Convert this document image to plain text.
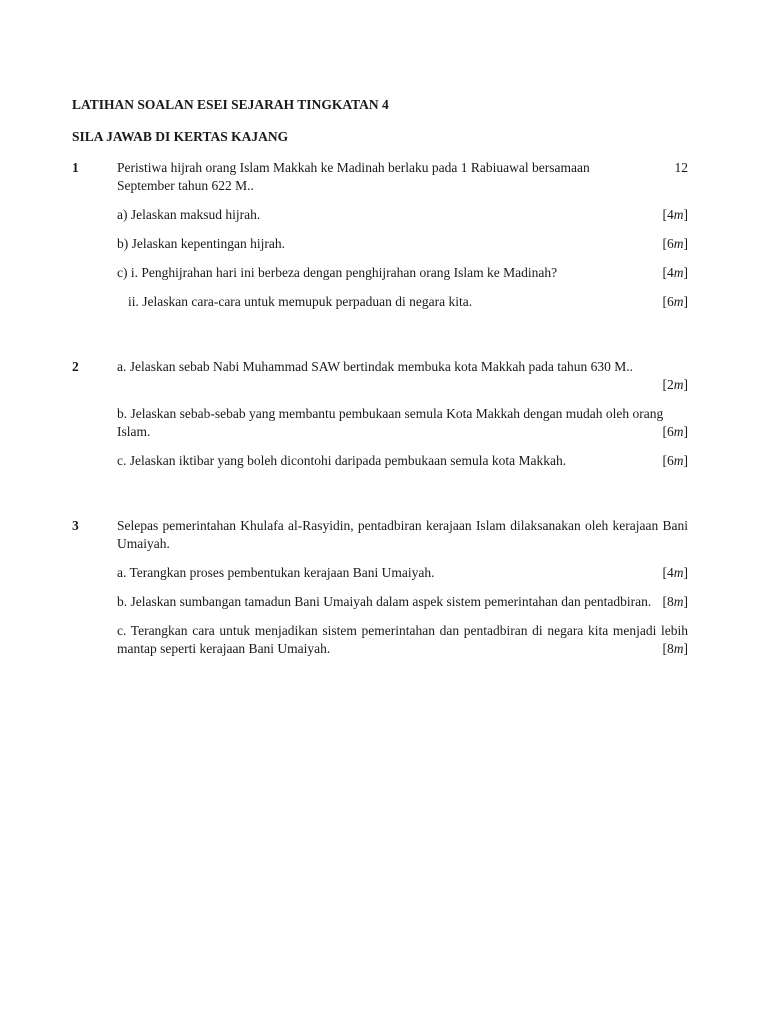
LATIHAN SOALAN ESEI SEJARAH TINGKATAN 4

SILA JAWAB DI KERTAS KAJANG

1	Peristiwa hijrah orang Islam Makkah ke Madinah berlaku pada 1 Rabiuawal bersamaan	12
September tahun 622 M..
a) Jelaskan maksud hijrah.	[4m]
b) Jelaskan kepentingan hijrah.	[6m]
c) i. Penghijrahan hari ini berbeza dengan penghijrahan orang Islam ke Madinah?	[4m]
ii. Jelaskan cara-cara untuk memupuk perpaduan di negara kita.	[6m]
2	a. Jelaskan sebab Nabi Muhammad SAW bertindak membuka kota Makkah pada tahun 630 M..
[2m]
b. Jelaskan sebab-sebab yang membantu pembukaan semula Kota Makkah dengan mudah oleh orang Islam.	[6m]
c. Jelaskan iktibar yang boleh dicontohi daripada pembukaan semula kota Makkah.	[6m]
3	Selepas pemerintahan Khulafa al-Rasyidin, pentadbiran kerajaan Islam dilaksanakan oleh kerajaan Bani Umaiyah.
a. Terangkan proses pembentukan kerajaan Bani Umaiyah.	[4m]
b. Jelaskan sumbangan tamadun Bani Umaiyah dalam aspek sistem pemerintahan dan pentadbiran. [8m]
c. Terangkan cara untuk menjadikan sistem pemerintahan dan pentadbiran di negara kita menjadi lebih mantap seperti kerajaan Bani Umaiyah.	[8m]
